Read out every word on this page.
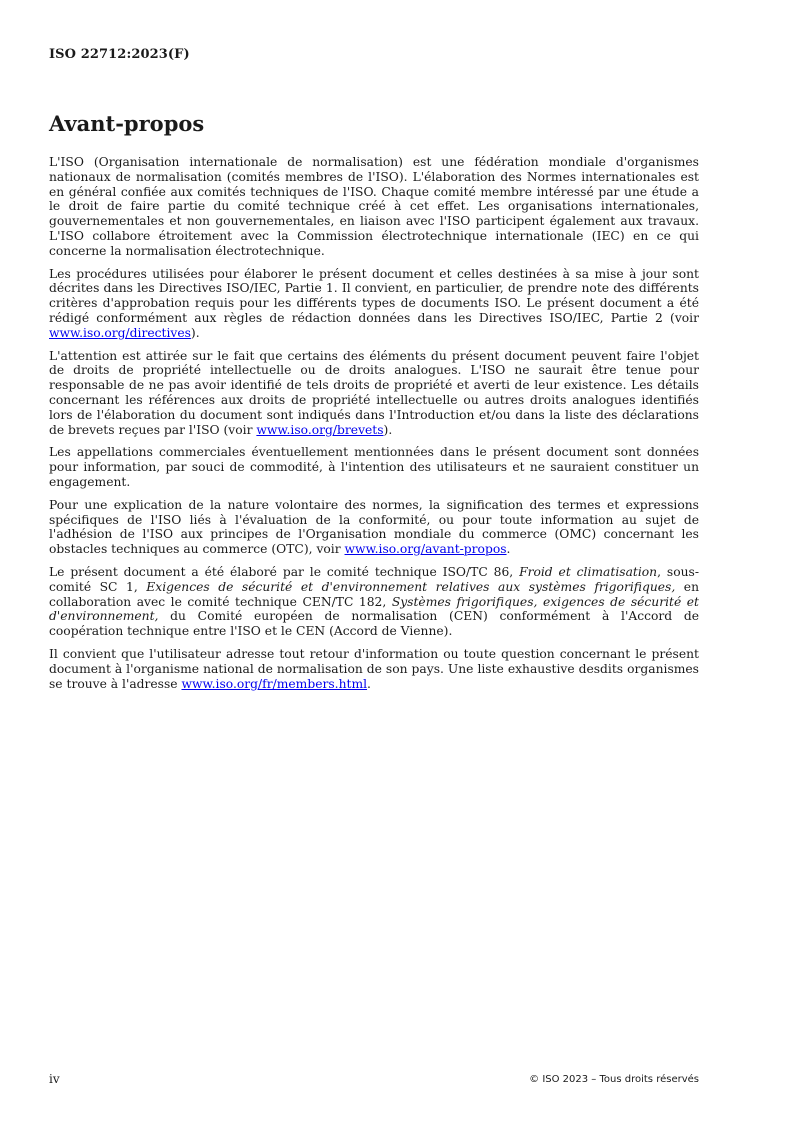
ISO 22712:2023(F)
Avant-propos

L'ISO (Organisation internationale de normalisation) est une fédération mondiale d'organismes nationaux de normalisation (comités membres de l'ISO). L'élaboration des Normes internationales est en général confiée aux comités techniques de l'ISO. Chaque comité membre intéressé par une étude a le droit de faire partie du comité technique créé à cet effet. Les organisations internationales, gouvernementales et non gouvernementales, en liaison avec l'ISO participent également aux travaux. L'ISO collabore étroitement avec la Commission électrotechnique internationale (IEC) en ce qui concerne la normalisation électrotechnique.

Les procédures utilisées pour élaborer le présent document et celles destinées à sa mise à jour sont décrites dans les Directives ISO/IEC, Partie 1. Il convient, en particulier, de prendre note des différents critères d'approbation requis pour les différents types de documents ISO. Le présent document a été rédigé conformément aux règles de rédaction données dans les Directives ISO/IEC, Partie 2 (voir www.iso.org/directives).

L'attention est attirée sur le fait que certains des éléments du présent document peuvent faire l'objet de droits de propriété intellectuelle ou de droits analogues. L'ISO ne saurait être tenue pour responsable de ne pas avoir identifié de tels droits de propriété et averti de leur existence. Les détails concernant les références aux droits de propriété intellectuelle ou autres droits analogues identifiés lors de l'élaboration du document sont indiqués dans l'Introduction et/ou dans la liste des déclarations de brevets reçues par l'ISO (voir www.iso.org/brevets).

Les appellations commerciales éventuellement mentionnées dans le présent document sont données pour information, par souci de commodité, à l'intention des utilisateurs et ne sauraient constituer un engagement.

Pour une explication de la nature volontaire des normes, la signification des termes et expressions spécifiques de l'ISO liés à l'évaluation de la conformité, ou pour toute information au sujet de l'adhésion de l'ISO aux principes de l'Organisation mondiale du commerce (OMC) concernant les obstacles techniques au commerce (OTC), voir www.iso.org/avant-propos.

Le présent document a été élaboré par le comité technique ISO/TC 86, Froid et climatisation, sous-comité SC 1, Exigences de sécurité et d'environnement relatives aux systèmes frigorifiques, en collaboration avec le comité technique CEN/TC 182, Systèmes frigorifiques, exigences de sécurité et d'environnement, du Comité européen de normalisation (CEN) conformément à l'Accord de coopération technique entre l'ISO et le CEN (Accord de Vienne).

Il convient que l'utilisateur adresse tout retour d'information ou toute question concernant le présent document à l'organisme national de normalisation de son pays. Une liste exhaustive desdits organismes se trouve à l'adresse www.iso.org/fr/members.html.

iv	© ISO 2023 – Tous droits réservés
